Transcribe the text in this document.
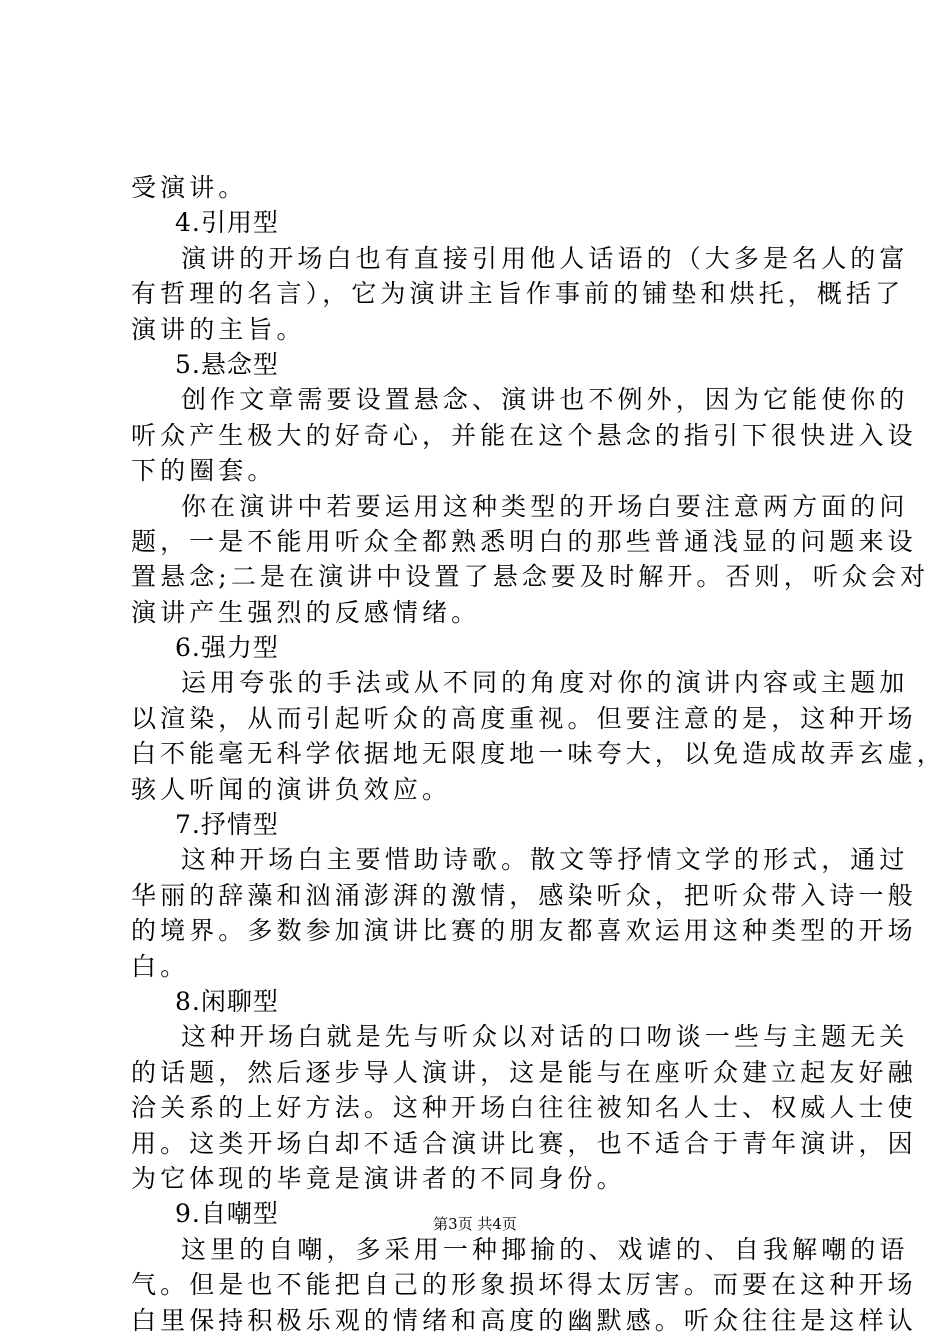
受演讲。
4.引用型
演讲的开场白也有直接引用他人话语的（大多是名人的富
有哲理的名言），它为演讲主旨作事前的铺垫和烘托，概括了
演讲的主旨。
5.悬念型
创作文章需要设置悬念、演讲也不例外，因为它能使你的
听众产生极大的好奇心，并能在这个悬念的指引下很快进入设
下的圈套。
你在演讲中若要运用这种类型的开场白要注意两方面的问
题，一是不能用听众全都熟悉明白的那些普通浅显的问题来设
置悬念;二是在演讲中设置了悬念要及时解开。否则，听众会对
演讲产生强烈的反感情绪。
6.强力型
运用夸张的手法或从不同的角度对你的演讲内容或主题加
以渲染，从而引起听众的高度重视。但要注意的是，这种开场
白不能毫无科学依据地无限度地一味夸大，以免造成故弄玄虚，
骇人听闻的演讲负效应。
7.抒情型
这种开场白主要惜助诗歌。散文等抒情文学的形式，通过
华丽的辞藻和汹涌澎湃的激情，感染听众，把听众带入诗一般
的境界。多数参加演讲比赛的朋友都喜欢运用这种类型的开场
白。
8.闲聊型
这种开场白就是先与听众以对话的口吻谈一些与主题无关
的话题，然后逐步导人演讲，这是能与在座听众建立起友好融
洽关系的上好方法。这种开场白往往被知名人士、权威人士使
用。这类开场白却不适合演讲比赛，也不适合于青年演讲，因
为它体现的毕竟是演讲者的不同身份。
9.自嘲型
这里的自嘲，多采用一种揶揄的、戏谑的、自我解嘲的语
气。但是也不能把自己的形象损坏得太厉害。而要在这种开场
白里保持积极乐观的情绪和高度的幽默感。听众往往是这样认
第3页 共4页
